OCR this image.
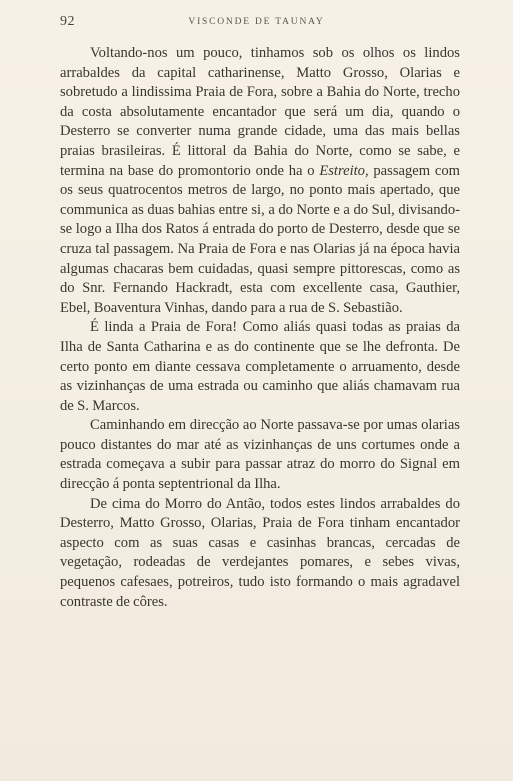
92	VISCONDE DE TAUNAY

Voltando-nos um pouco, tinhamos sob os olhos os lindos arrabaldes da capital catharinense, Matto Grosso, Olarias e sobretudo a lindissima Praia de Fora, sobre a Bahia do Norte, trecho da costa absolutamente encantador que será um dia, quando o Desterro se converter numa grande cidade, uma das mais bellas praias brasileiras. É littoral da Bahia do Norte, como se sabe, e termina na base do promontorio onde ha o Estreito, passagem com os seus quatrocentos metros de largo, no ponto mais apertado, que communica as duas bahias entre si, a do Norte e a do Sul, divisando-se logo a Ilha dos Ratos á entrada do porto de Desterro, desde que se cruza tal passagem. Na Praia de Fora e nas Olarias já na época havia algumas chacaras bem cuidadas, quasi sempre pittorescas, como as do Snr. Fernando Hackradt, esta com excellente casa, Gauthier, Ebel, Boaventura Vinhas, dando para a rua de S. Sebastião.

É linda a Praia de Fora! Como aliás quasi todas as praias da Ilha de Santa Catharina e as do continente que se lhe defronta. De certo ponto em diante cessava completamente o arruamento, desde as vizinhanças de uma estrada ou caminho que aliás chamavam rua de S. Marcos.

Caminhando em direcção ao Norte passava-se por umas olarias pouco distantes do mar até as vizinhanças de uns cortumes onde a estrada começava a subir para passar atraz do morro do Signal em direcção á ponta septentrional da Ilha.

De cima do Morro do Antão, todos estes lindos arrabaldes do Desterro, Matto Grosso, Olarias, Praia de Fora tinham encantador aspecto com as suas casas e casinhas brancas, cercadas de vegetação, rodeadas de verdejantes pomares, e sebes vivas, pequenos cafesaes, potreiros, tudo isto formando o mais agradavel contraste de côres.
